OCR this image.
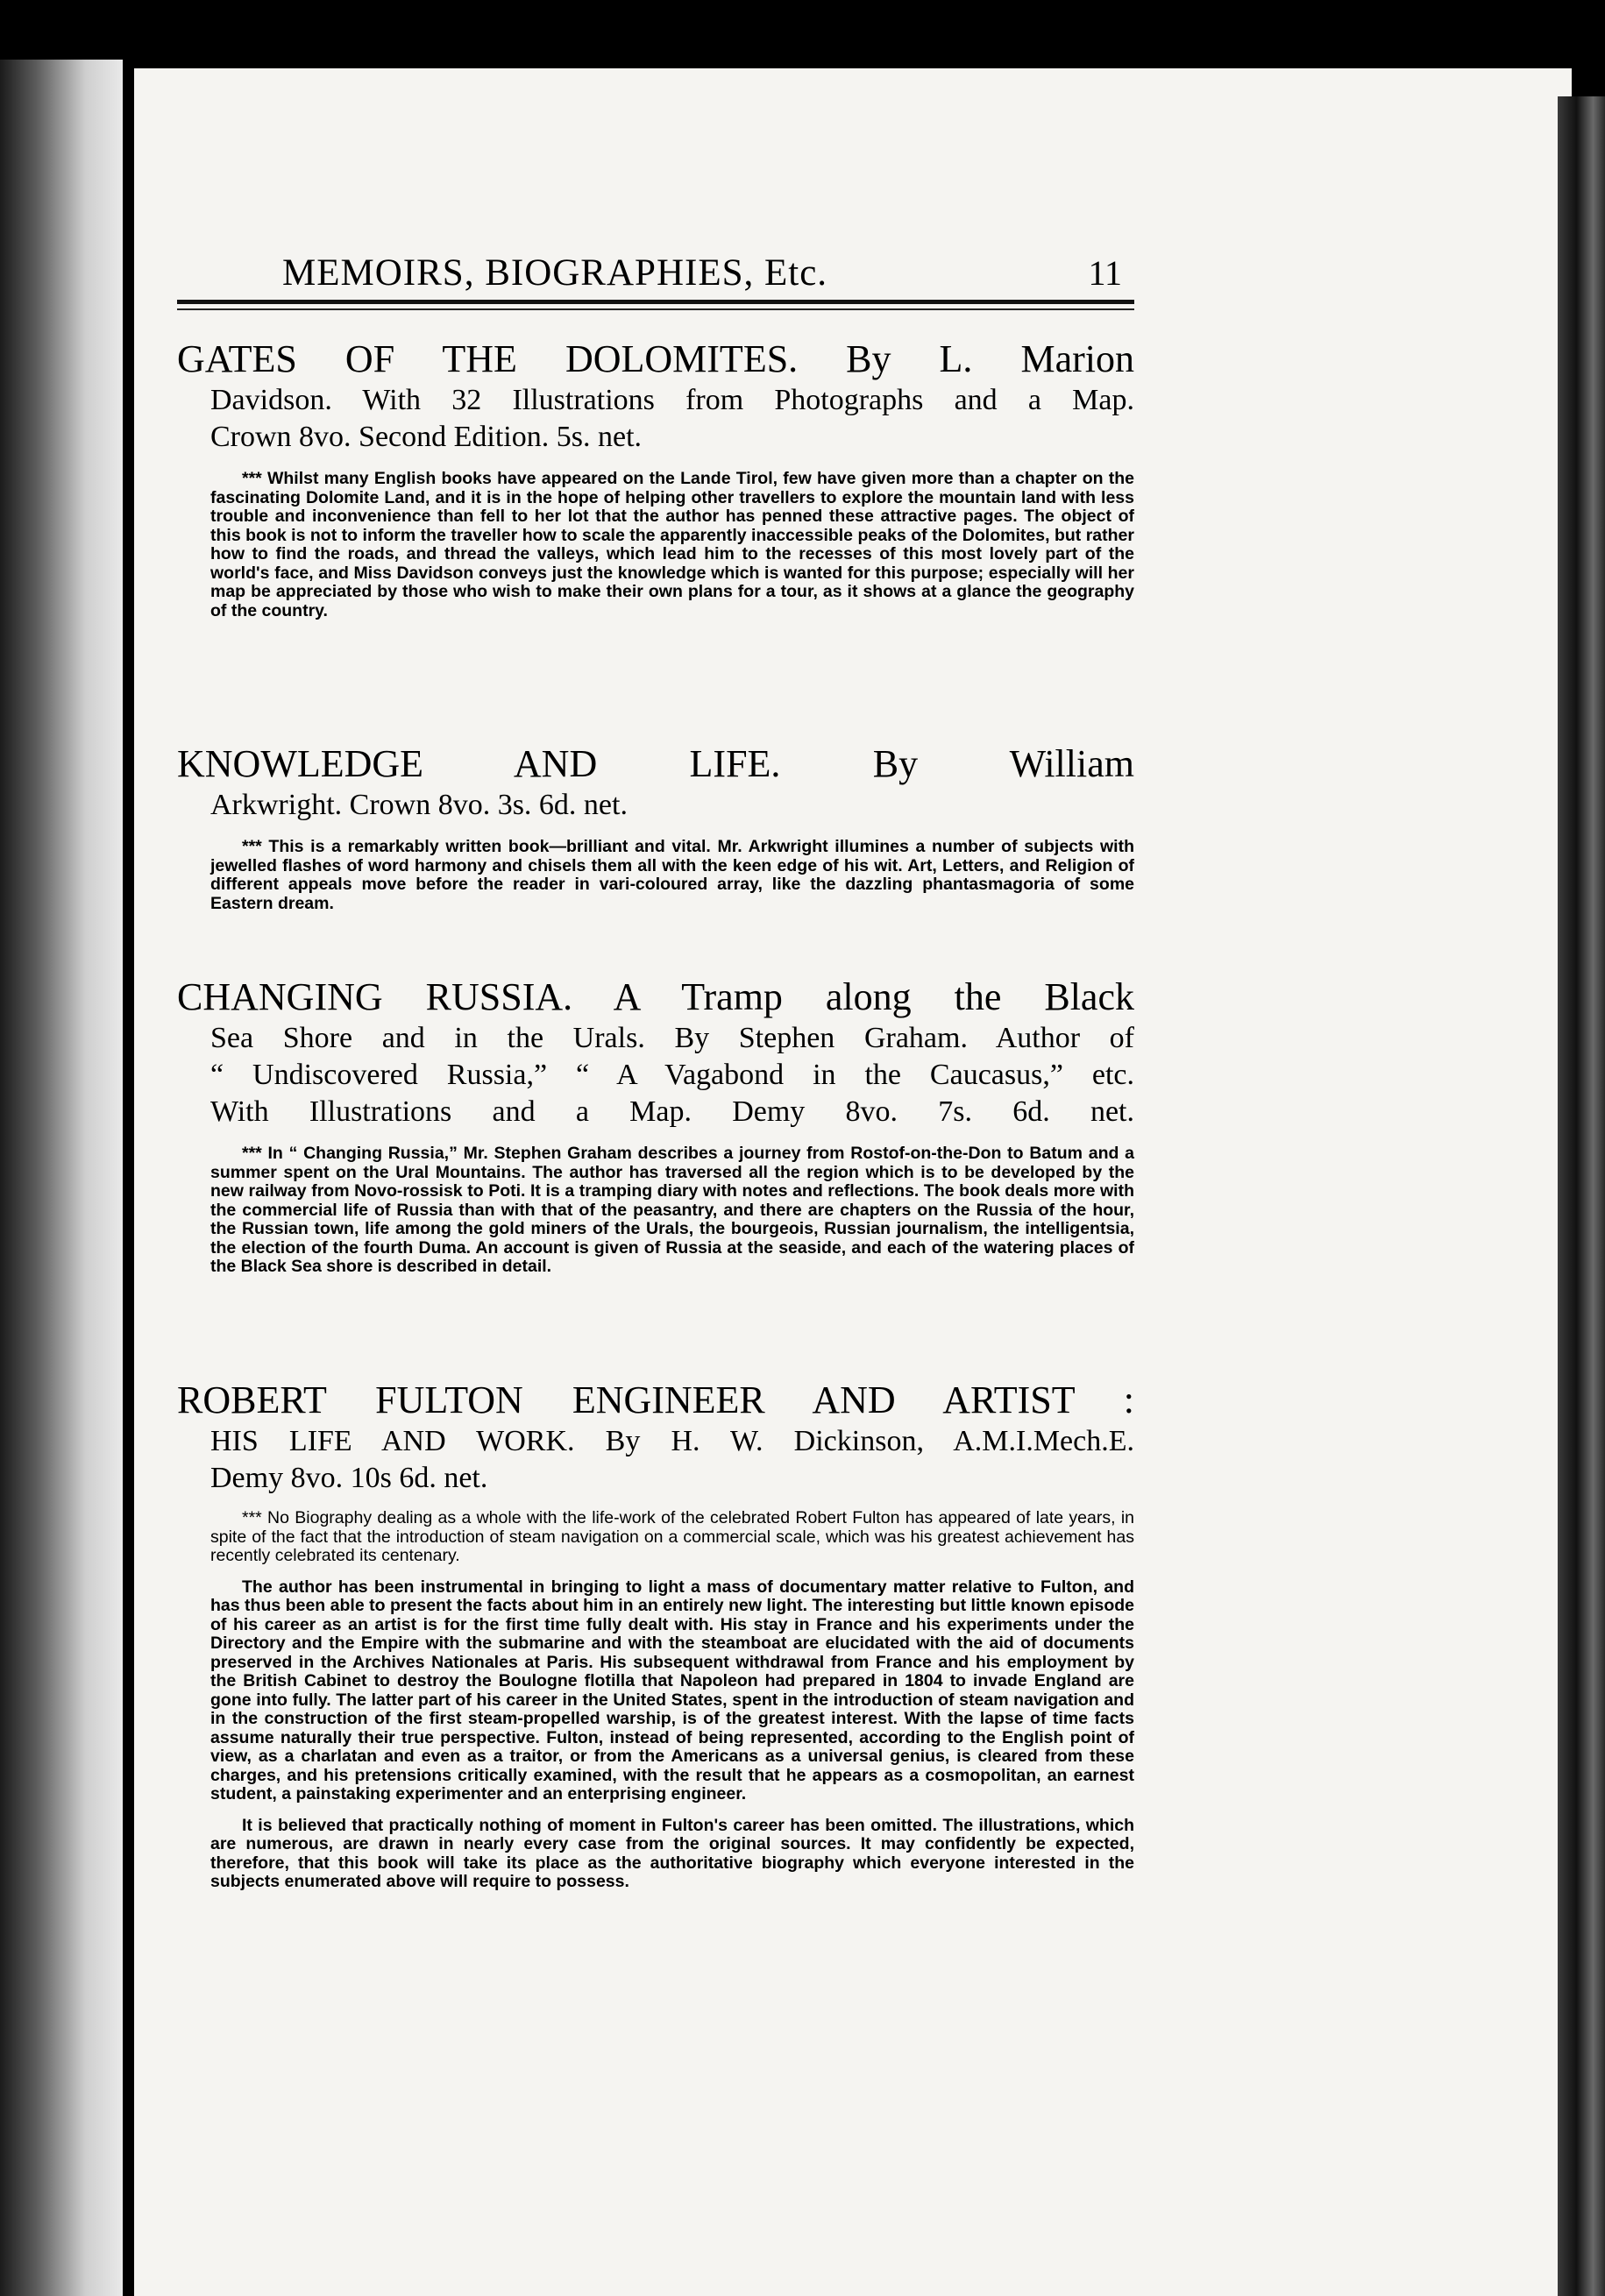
MEMOIRS, BIOGRAPHIES, Etc.	11

GATES OF THE DOLOMITES. By L. Marion

Davidson. With 32 Illustrations from Photographs and a Map.

Crown 8vo. Second Edition. 5s. net.

*** Whilst many English books have appeared on the Lande Tirol, few have given more than a chapter on the fascinating Dolomite Land, and it is in the hope of helping other travellers to explore the mountain land with less trouble and inconvenience than fell to her lot that the author has penned these attractive pages. The object of this book is not to inform the traveller how to scale the apparently inaccessible peaks of the Dolomites, but rather how to find the roads, and thread the valleys, which lead him to the recesses of this most lovely part of the world's face, and Miss Davidson conveys just the knowledge which is wanted for this purpose; especially will her map be appreciated by those who wish to make their own plans for a tour, as it shows at a glance the geography of the country.

KNOWLEDGE AND LIFE. By William

Arkwright. Crown 8vo. 3s. 6d. net.

*** This is a remarkably written book—brilliant and vital. Mr. Arkwright illumines a number of subjects with jewelled flashes of word harmony and chisels them all with the keen edge of his wit. Art, Letters, and Religion of different appeals move before the reader in vari-coloured array, like the dazzling phantasmagoria of some Eastern dream.

CHANGING RUSSIA. A Tramp along the Black

Sea Shore and in the Urals. By Stephen Graham. Author of

“ Undiscovered Russia,” “ A Vagabond in the Caucasus,” etc.

With Illustrations and a Map. Demy 8vo. 7s. 6d. net.

*** In “ Changing Russia,” Mr. Stephen Graham describes a journey from Rostof-on-the-Don to Batum and a summer spent on the Ural Mountains. The author has traversed all the region which is to be developed by the new railway from Novo-rossisk to Poti. It is a tramping diary with notes and reflections. The book deals more with the commercial life of Russia than with that of the peasantry, and there are chapters on the Russia of the hour, the Russian town, life among the gold miners of the Urals, the bourgeois, Russian journalism, the intelligentsia, the election of the fourth Duma. An account is given of Russia at the seaside, and each of the watering places of the Black Sea shore is described in detail.

ROBERT FULTON ENGINEER AND ARTIST :

HIS LIFE AND WORK. By H. W. Dickinson, A.M.I.Mech.E.

Demy 8vo. 10s 6d. net.

*** No Biography dealing as a whole with the life-work of the celebrated Robert Fulton has appeared of late years, in spite of the fact that the introduction of steam navigation on a commercial scale, which was his greatest achievement has recently celebrated its centenary.

The author has been instrumental in bringing to light a mass of documentary matter relative to Fulton, and has thus been able to present the facts about him in an entirely new light. The interesting but little known episode of his career as an artist is for the first time fully dealt with. His stay in France and his experiments under the Directory and the Empire with the submarine and with the steamboat are elucidated with the aid of documents preserved in the Archives Nationales at Paris. His subsequent withdrawal from France and his employment by the British Cabinet to destroy the Boulogne flotilla that Napoleon had prepared in 1804 to invade England are gone into fully. The latter part of his career in the United States, spent in the introduction of steam navigation and in the construction of the first steam-propelled warship, is of the greatest interest. With the lapse of time facts assume naturally their true perspective. Fulton, instead of being represented, according to the English point of view, as a charlatan and even as a traitor, or from the Americans as a universal genius, is cleared from these charges, and his pretensions critically examined, with the result that he appears as a cosmopolitan, an earnest student, a painstaking experimenter and an enterprising engineer.

It is believed that practically nothing of moment in Fulton's career has been omitted. The illustrations, which are numerous, are drawn in nearly every case from the original sources. It may confidently be expected, therefore, that this book will take its place as the authoritative biography which everyone interested in the subjects enumerated above will require to possess.
